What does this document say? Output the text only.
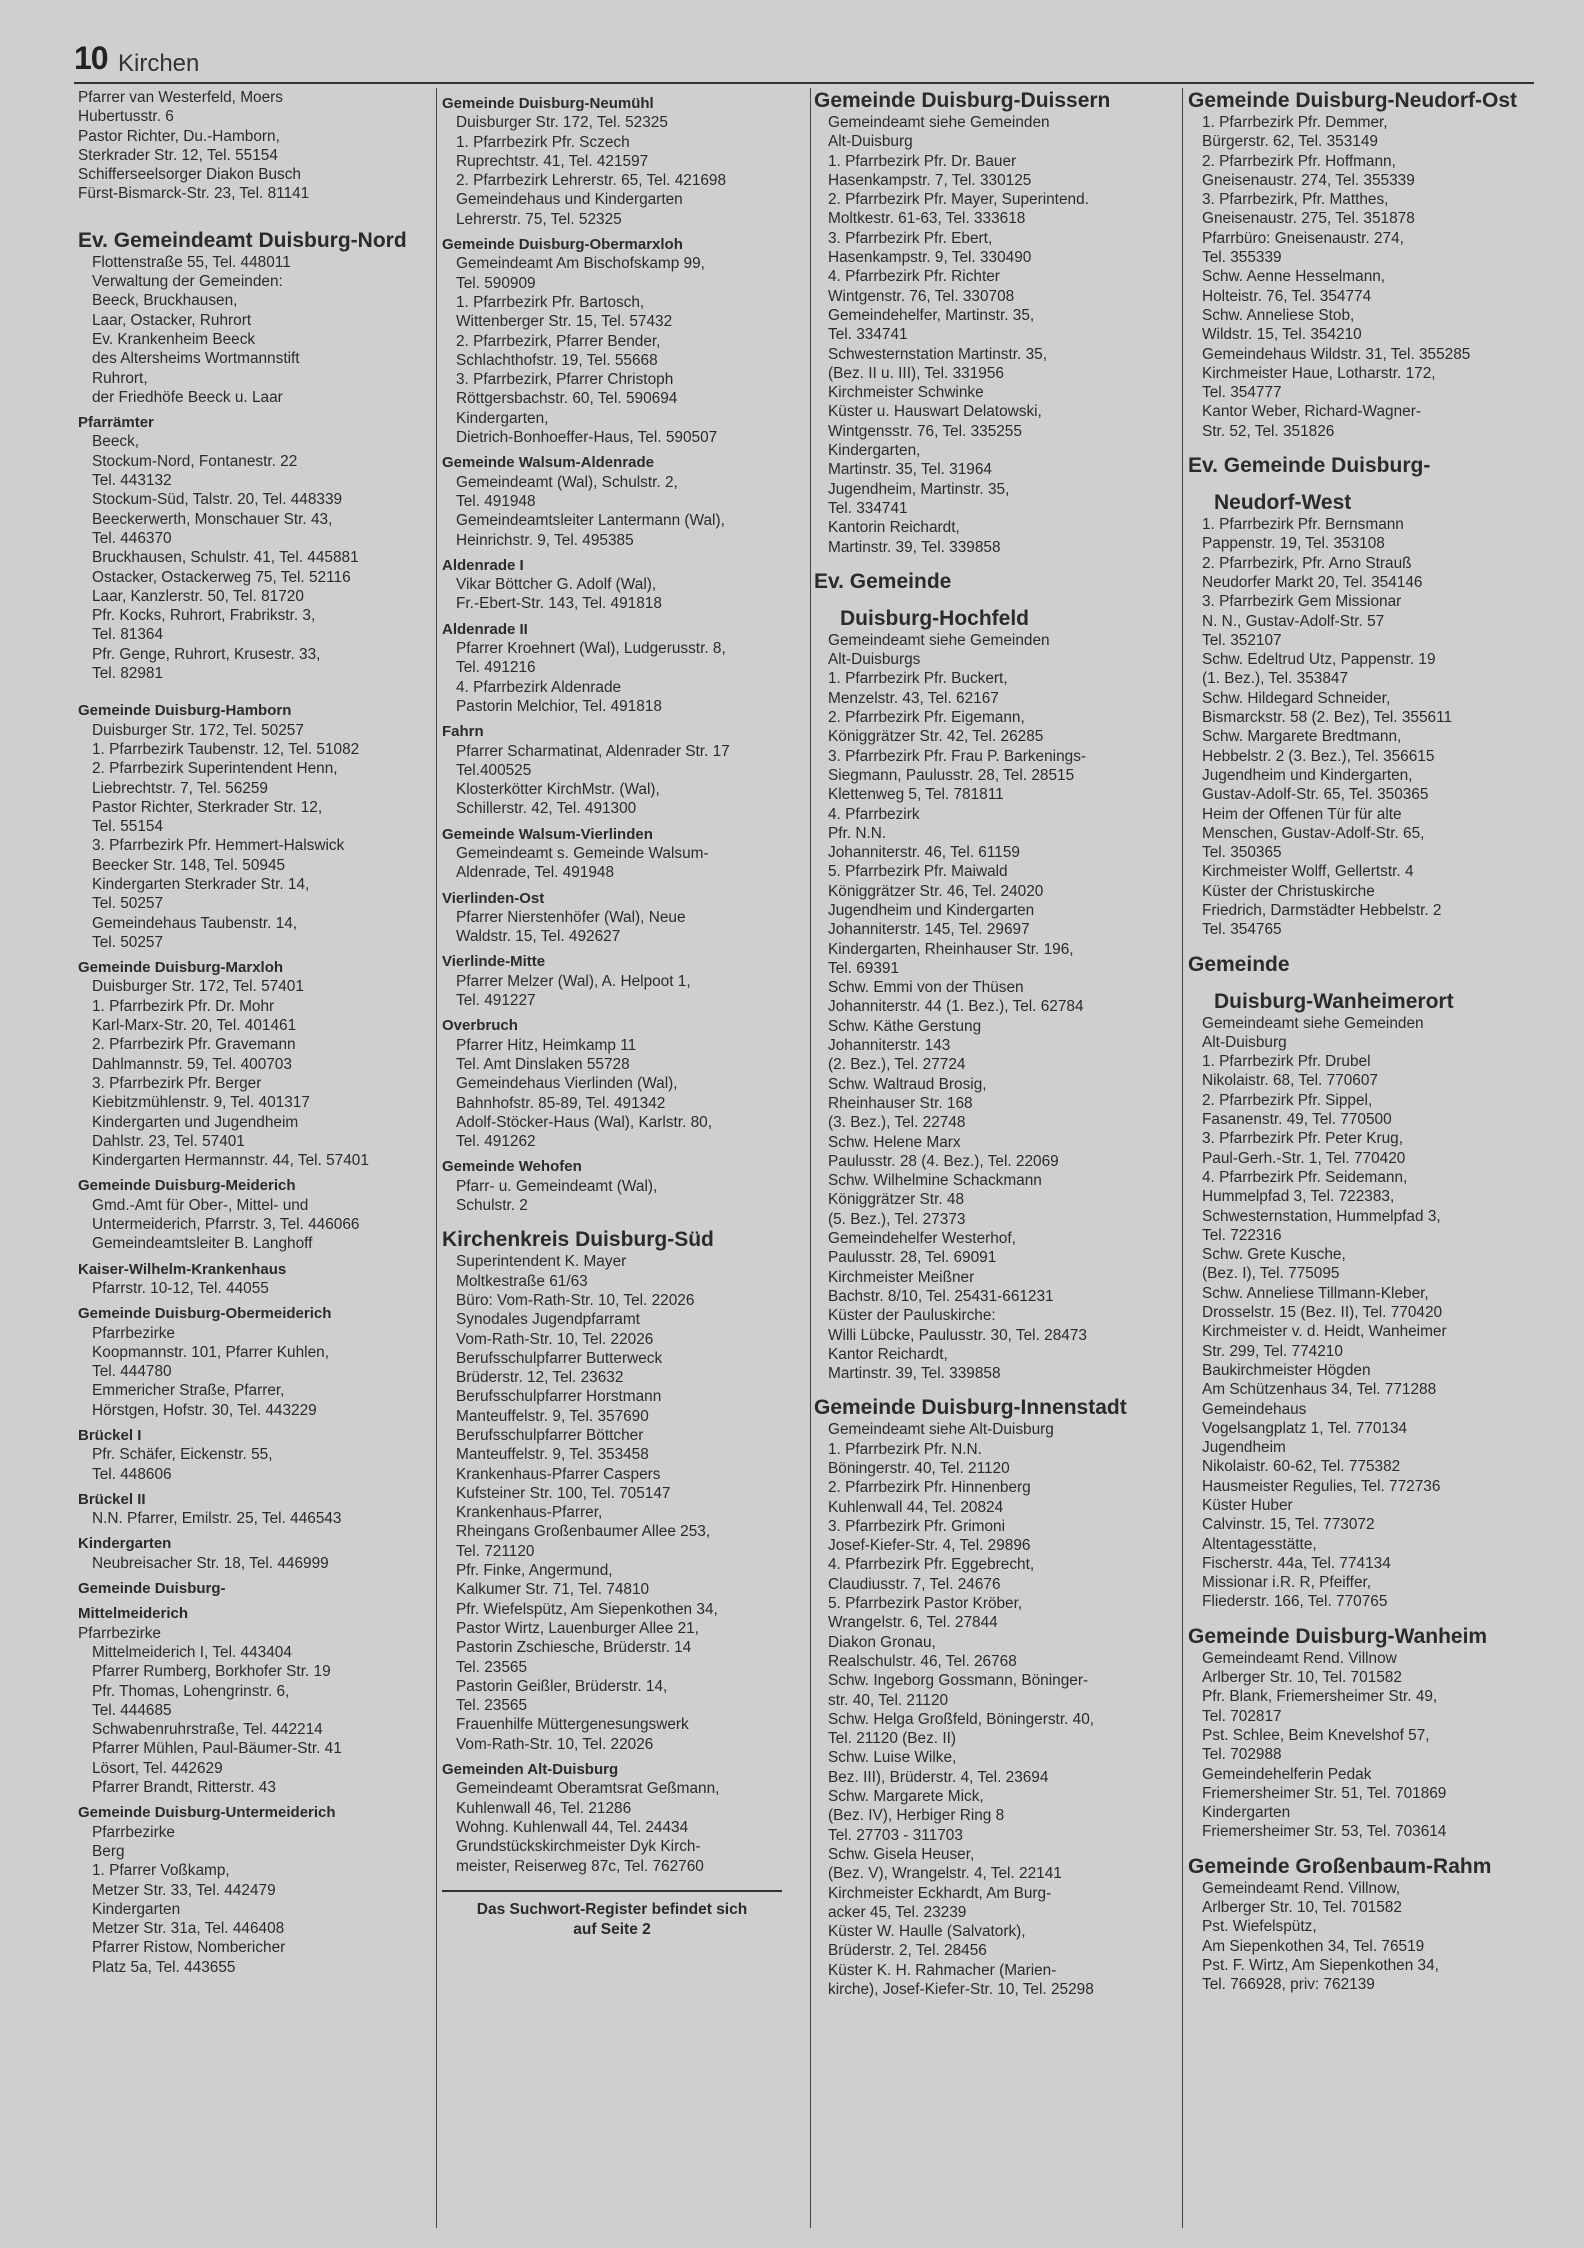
10 Kirchen
Pfarrer van Westerfeld, Moers
Hubertusstr. 6
Pastor Richter, Du.-Hamborn,
Sterkrader Str. 12, Tel. 55154
Schifferseelsorger Diakon Busch
Fürst-Bismarck-Str. 23, Tel. 81141
Ev. Gemeindeamt Duisburg-Nord
Flottenstraße 55, Tel. 448011
Verwaltung der Gemeinden:
Beeck, Bruckhausen,
Laar, Ostacker, Ruhrort
Ev. Krankenheim Beeck
des Altersheims Wortmannstift
Ruhrort,
der Friedhöfe Beeck u. Laar
Pfarrämter
Beeck,
Stockum-Nord, Fontanestr. 22
Tel. 443132
Stockum-Süd, Talstr. 20, Tel. 448339
Beeckerwerth, Monschauer Str. 43,
Tel. 446370
Bruckhausen, Schulstr. 41, Tel. 445881
Ostacker, Ostackerweg 75, Tel. 52116
Laar, Kanzlerstr. 50, Tel. 81720
Pfr. Kocks, Ruhrort, Frabrikstr. 3,
Tel. 81364
Pfr. Genge, Ruhrort, Krusestr. 33,
Tel. 82981
Gemeinde Duisburg-Hamborn
Duisburger Str. 172, Tel. 50257
1. Pfarrbezirk Taubenstr. 12, Tel. 51082
2. Pfarrbezirk Superintendent Henn,
Liebrechtstr. 7, Tel. 56259
Pastor Richter, Sterkrader Str. 12,
Tel. 55154
3. Pfarrbezirk Pfr. Hemmert-Halswick
Beecker Str. 148, Tel. 50945
Kindergarten Sterkrader Str. 14,
Tel. 50257
Gemeindehaus Taubenstr. 14,
Tel. 50257
Gemeinde Duisburg-Marxloh
Duisburger Str. 172, Tel. 57401
1. Pfarrbezirk Pfr. Dr. Mohr
Karl-Marx-Str. 20, Tel. 401461
2. Pfarrbezirk Pfr. Gravemann
Dahlmannstr. 59, Tel. 400703
3. Pfarrbezirk Pfr. Berger
Kiebitzmühlenstr. 9, Tel. 401317
Kindergarten und Jugendheim
Dahlstr. 23, Tel. 57401
Kindergarten Hermannstr. 44, Tel. 57401
Gemeinde Duisburg-Meiderich
Gmd.-Amt für Ober-, Mittel- und
Untermeiderich, Pfarrstr. 3, Tel. 446066
Gemeindeamtsleiter B. Langhoff
Kaiser-Wilhelm-Krankenhaus
Pfarrstr. 10-12, Tel. 44055
Gemeinde Duisburg-Obermeiderich
Pfarrbezirke
Koopmannstr. 101, Pfarrer Kuhlen,
Tel. 444780
Emmericher Straße, Pfarrer,
Hörstgen, Hofstr. 30, Tel. 443229
Brückel I
Pfr. Schäfer, Eickenstr. 55,
Tel. 448606
Brückel II
N.N. Pfarrer, Emilstr. 25, Tel. 446543
Kindergarten
Neubreisacher Str. 18, Tel. 446999
Gemeinde Duisburg-
Mittelmeiderich
Pfarrbezirke
Mittelmeiderich I, Tel. 443404
Pfarrer Rumberg, Borkhofer Str. 19
Pfr. Thomas, Lohengrinstr. 6,
Tel. 444685
Schwabenruhrstraße, Tel. 442214
Pfarrer Mühlen, Paul-Bäumer-Str. 41
Lösort, Tel. 442629
Pfarrer Brandt, Ritterstr. 43
Gemeinde Duisburg-Untermeiderich
Pfarrbezirke
Berg
1. Pfarrer Voßkamp,
Metzer Str. 33, Tel. 442479
Kindergarten
Metzer Str. 31a, Tel. 446408
Pfarrer Ristow, Nombericher
Platz 5a, Tel. 443655
Gemeinde Duisburg-Neumühl
Duisburger Str. 172, Tel. 52325
1. Pfarrbezirk Pfr. Sczech
Ruprechtstr. 41, Tel. 421597
2. Pfarrbezirk Lehrerstr. 65, Tel. 421698
Gemeindehaus und Kindergarten
Lehrerstr. 75, Tel. 52325
Gemeinde Duisburg-Obermarxloh
Gemeindeamt Am Bischofskamp 99,
Tel. 590909
1. Pfarrbezirk Pfr. Bartosch,
Wittenberger Str. 15, Tel. 57432
2. Pfarrbezirk, Pfarrer Bender,
Schlachthofstr. 19, Tel. 55668
3. Pfarrbezirk, Pfarrer Christoph
Röttgersbachstr. 60, Tel. 590694
Kindergarten,
Dietrich-Bonhoeffer-Haus, Tel. 590507
Gemeinde Walsum-Aldenrade
Gemeindeamt (Wal), Schulstr. 2,
Tel. 491948
Gemeindeamtsleiter Lantermann (Wal),
Heinrichstr. 9, Tel. 495385
Aldenrade I
Vikar Böttcher G. Adolf (Wal),
Fr.-Ebert-Str. 143, Tel. 491818
Aldenrade II
Pfarrer Kroehnert (Wal), Ludgerusstr. 8,
Tel. 491216
4. Pfarrbezirk Aldenrade
Pastorin Melchior, Tel. 491818
Fahrn
Pfarrer Scharmatinat, Aldenrader Str. 17
Tel.400525
Klosterkötter KirchMstr. (Wal),
Schillerstr. 42, Tel. 491300
Gemeinde Walsum-Vierlinden
Gemeindeamt s. Gemeinde Walsum-
Aldenrade, Tel. 491948
Vierlinden-Ost
Pfarrer Nierstenhöfer (Wal), Neue
Waldstr. 15, Tel. 492627
Vierlinde-Mitte
Pfarrer Melzer (Wal), A. Helpoot 1,
Tel. 491227
Overbruch
Pfarrer Hitz, Heimkamp 11
Tel. Amt Dinslaken 55728
Gemeindehaus Vierlinden (Wal),
Bahnhofstr. 85-89, Tel. 491342
Adolf-Stöcker-Haus (Wal), Karlstr. 80,
Tel. 491262
Gemeinde Wehofen
Pfarr- u. Gemeindeamt (Wal),
Schulstr. 2
Kirchenkreis Duisburg-Süd
Superintendent K. Mayer
Moltkestraße 61/63
Büro: Vom-Rath-Str. 10, Tel. 22026
Synodales Jugendpfarramt
Vom-Rath-Str. 10, Tel. 22026
Berufsschulpfarrer Butterweck
Brüderstr. 12, Tel. 23632
Berufsschulpfarrer Horstmann
Manteuffelstr. 9, Tel. 357690
Berufsschulpfarrer Böttcher
Manteuffelstr. 9, Tel. 353458
Krankenhaus-Pfarrer Caspers
Kufsteiner Str. 100, Tel. 705147
Krankenhaus-Pfarrer,
Rheingans Großenbaumer Allee 253,
Tel. 721120
Pfr. Finke, Angermund,
Kalkumer Str. 71, Tel. 74810
Pfr. Wiefelspütz, Am Siepenkothen 34,
Pastor Wirtz, Lauenburger Allee 21,
Pastorin Zschiesche, Brüderstr. 14
Tel. 23565
Pastorin Geißler, Brüderstr. 14,
Tel. 23565
Frauenhilfe Müttergenesungswerk
Vom-Rath-Str. 10, Tel. 22026
Gemeinden Alt-Duisburg
Gemeindeamt Oberamtsrat Geßmann,
Kuhlenwall 46, Tel. 21286
Wohng. Kuhlenwall 44, Tel. 24434
Grundstückskirchmeister Dyk Kirch-
meister, Reiserweg 87c, Tel. 762760
Das Suchwort-Register befindet sich
auf Seite 2
Gemeinde Duisburg-Duissern
Gemeindeamt siehe Gemeinden
Alt-Duisburg
1. Pfarrbezirk Pfr. Dr. Bauer
Hasenkampstr. 7, Tel. 330125
2. Pfarrbezirk Pfr. Mayer, Superintend.
Moltkestr. 61-63, Tel. 333618
3. Pfarrbezirk Pfr. Ebert,
Hasenkampstr. 9, Tel. 330490
4. Pfarrbezirk Pfr. Richter
Wintgenstr. 76, Tel. 330708
Gemeindehelfer, Martinstr. 35,
Tel. 334741
Schwesternstation Martinstr. 35,
(Bez. II u. III), Tel. 331956
Kirchmeister Schwinke
Küster u. Hauswart Delatowski,
Wintgensstr. 76, Tel. 335255
Kindergarten,
Martinstr. 35, Tel. 31964
Jugendheim, Martinstr. 35,
Tel. 334741
Kantorin Reichardt,
Martinstr. 39, Tel. 339858
Ev. Gemeinde
Duisburg-Hochfeld
Gemeindeamt siehe Gemeinden
Alt-Duisburgs
1. Pfarrbezirk Pfr. Buckert,
Menzelstr. 43, Tel. 62167
2. Pfarrbezirk Pfr. Eigemann,
Königgrätzer Str. 42, Tel. 26285
3. Pfarrbezirk Pfr. Frau P. Barkenings-
Siegmann, Paulusstr. 28, Tel. 28515
Klettenweg 5, Tel. 781811
4. Pfarrbezirk
Pfr. N.N.
Johanniterstr. 46, Tel. 61159
5. Pfarrbezirk Pfr. Maiwald
Königgrätzer Str. 46, Tel. 24020
Jugendheim und Kindergarten
Johanniterstr. 145, Tel. 29697
Kindergarten, Rheinhauser Str. 196,
Tel. 69391
Schw. Emmi von der Thüsen
Johanniterstr. 44 (1. Bez.), Tel. 62784
Schw. Käthe Gerstung
Johanniterstr. 143
(2. Bez.), Tel. 27724
Schw. Waltraud Brosig,
Rheinhauser Str. 168
(3. Bez.), Tel. 22748
Schw. Helene Marx
Paulusstr. 28 (4. Bez.), Tel. 22069
Schw. Wilhelmine Schackmann
Königgrätzer Str. 48
(5. Bez.), Tel. 27373
Gemeindehelfer Westerhof,
Paulusstr. 28, Tel. 69091
Kirchmeister Meißner
Bachstr. 8/10, Tel. 25431-661231
Küster der Pauluskirche:
Willi Lübcke, Paulusstr. 30, Tel. 28473
Kantor Reichardt,
Martinstr. 39, Tel. 339858
Gemeinde Duisburg-Innenstadt
Gemeindeamt siehe Alt-Duisburg
1. Pfarrbezirk Pfr. N.N.
Böningerstr. 40, Tel. 21120
2. Pfarrbezirk Pfr. Hinnenberg
Kuhlenwall 44, Tel. 20824
3. Pfarrbezirk Pfr. Grimoni
Josef-Kiefer-Str. 4, Tel. 29896
4. Pfarrbezirk Pfr. Eggebrecht,
Claudiusstr. 7, Tel. 24676
5. Pfarrbezirk Pastor Kröber,
Wrangelstr. 6, Tel. 27844
Diakon Gronau,
Realschulstr. 46, Tel. 26768
Schw. Ingeborg Gossmann, Böninger-
str. 40, Tel. 21120
Schw. Helga Großfeld, Böningerstr. 40,
Tel. 21120 (Bez. II)
Schw. Luise Wilke,
Bez. III), Brüderstr. 4, Tel. 23694
Schw. Margarete Mick,
(Bez. IV), Herbiger Ring 8
Tel. 27703 - 311703
Schw. Gisela Heuser,
(Bez. V), Wrangelstr. 4, Tel. 22141
Kirchmeister Eckhardt, Am Burg-
acker 45, Tel. 23239
Küster W. Haulle (Salvatork),
Brüderstr. 2, Tel. 28456
Küster K. H. Rahmacher (Marien-
kirche), Josef-Kiefer-Str. 10, Tel. 25298
Gemeinde Duisburg-Neudorf-Ost
1. Pfarrbezirk Pfr. Demmer,
Bürgerstr. 62, Tel. 353149
2. Pfarrbezirk Pfr. Hoffmann,
Gneisenaustr. 274, Tel. 355339
3. Pfarrbezirk, Pfr. Matthes,
Gneisenaustr. 275, Tel. 351878
Pfarrbüro: Gneisenaustr. 274,
Tel. 355339
Schw. Aenne Hesselmann,
Holteistr. 76, Tel. 354774
Schw. Anneliese Stob,
Wildstr. 15, Tel. 354210
Gemeindehaus Wildstr. 31, Tel. 355285
Kirchmeister Haue, Lotharstr. 172,
Tel. 354777
Kantor Weber, Richard-Wagner-
Str. 52, Tel. 351826
Ev. Gemeinde Duisburg-
Neudorf-West
1. Pfarrbezirk Pfr. Bernsmann
Pappenstr. 19, Tel. 353108
2. Pfarrbezirk, Pfr. Arno Strauß
Neudorfer Markt 20, Tel. 354146
3. Pfarrbezirk Gem Missionar
N. N., Gustav-Adolf-Str. 57
Tel. 352107
Schw. Edeltrud Utz, Pappenstr. 19
(1. Bez.), Tel. 353847
Schw. Hildegard Schneider,
Bismarckstr. 58 (2. Bez), Tel. 355611
Schw. Margarete Bredtmann,
Hebbelstr. 2 (3. Bez.), Tel. 356615
Jugendheim und Kindergarten,
Gustav-Adolf-Str. 65, Tel. 350365
Heim der Offenen Tür für alte
Menschen, Gustav-Adolf-Str. 65,
Tel. 350365
Kirchmeister Wolff, Gellertstr. 4
Küster der Christuskirche
Friedrich, Darmstädter Hebbelstr. 2
Tel. 354765
Gemeinde
Duisburg-Wanheimerort
Gemeindeamt siehe Gemeinden
Alt-Duisburg
1. Pfarrbezirk Pfr. Drubel
Nikolaistr. 68, Tel. 770607
2. Pfarrbezirk Pfr. Sippel,
Fasanenstr. 49, Tel. 770500
3. Pfarrbezirk Pfr. Peter Krug,
Paul-Gerh.-Str. 1, Tel. 770420
4. Pfarrbezirk Pfr. Seidemann,
Hummelpfad 3, Tel. 722383,
Schwesternstation, Hummelpfad 3,
Tel. 722316
Schw. Grete Kusche,
(Bez. I), Tel. 775095
Schw. Anneliese Tillmann-Kleber,
Drosselstr. 15 (Bez. II), Tel. 770420
Kirchmeister v. d. Heidt, Wanheimer
Str. 299, Tel. 774210
Baukirchmeister Högden
Am Schützenhaus 34, Tel. 771288
Gemeindehaus
Vogelsangplatz 1, Tel. 770134
Jugendheim
Nikolaistr. 60-62, Tel. 775382
Hausmeister Regulies, Tel. 772736
Küster Huber
Calvinstr. 15, Tel. 773072
Altentagesstätte,
Fischerstr. 44a, Tel. 774134
Missionar i.R. R, Pfeiffer,
Fliederstr. 166, Tel. 770765
Gemeinde Duisburg-Wanheim
Gemeindeamt Rend. Villnow
Arlberger Str. 10, Tel. 701582
Pfr. Blank, Friemersheimer Str. 49,
Tel. 702817
Pst. Schlee, Beim Knevelshof 57,
Tel. 702988
Gemeindehelferin Pedak
Friemersheimer Str. 51, Tel. 701869
Kindergarten
Friemersheimer Str. 53, Tel. 703614
Gemeinde Großenbaum-Rahm
Gemeindeamt Rend. Villnow,
Arlberger Str. 10, Tel. 701582
Pst. Wiefelspütz,
Am Siepenkothen 34, Tel. 76519
Pst. F. Wirtz, Am Siepenkothen 34,
Tel. 766928, priv: 762139
